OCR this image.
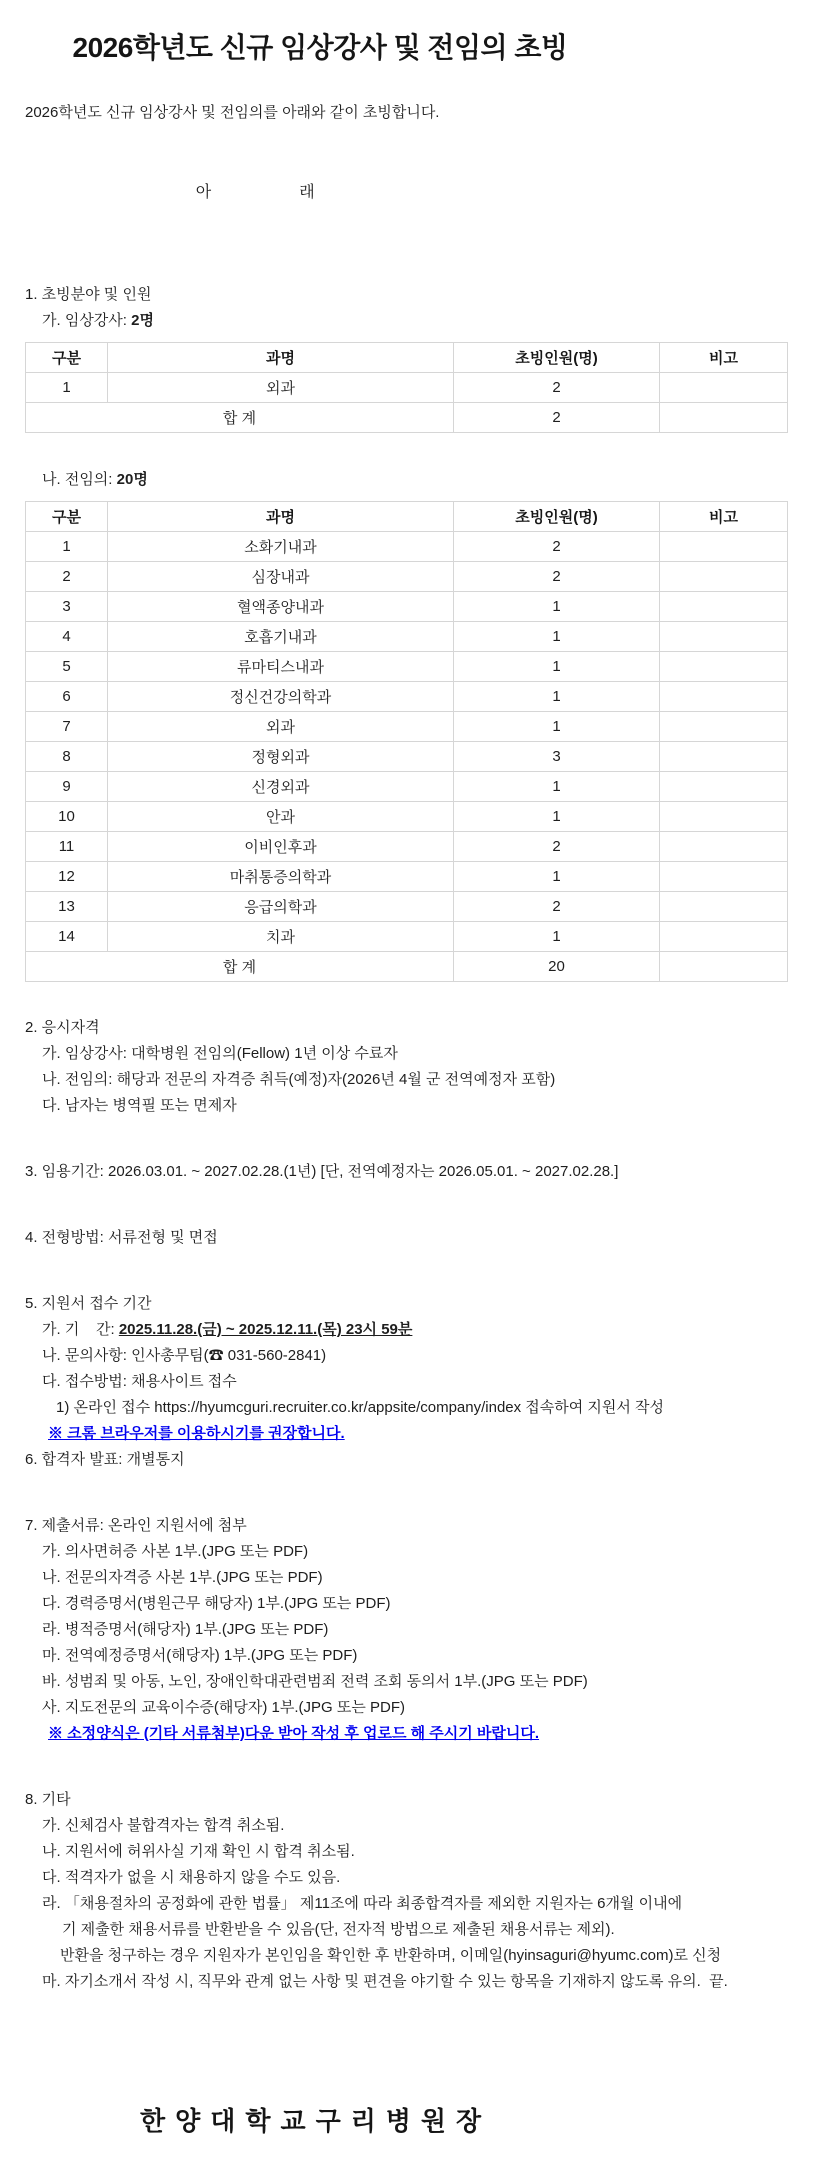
2026학년도 신규 임상강사 및 전임의 초빙

2026학년도 신규 임상강사 및 전임의를 아래와 같이 초빙합니다.

아	래

1. 초빙분야 및 인원
가. 임상강사: 2명
구분	과명	초빙인원(명)	비고
1	외과	2	
합 계		2	
나. 전임의: 20명
구분	과명	초빙인원(명)	비고
1	소화기내과	2	
2	심장내과	2	
3	혈액종양내과	1	
4	호흡기내과	1	
5	류마티스내과	1	
6	정신건강의학과	1	
7	외과	1	
8	정형외과	3	
9	신경외과	1	
10	안과	1	
11	이비인후과	2	
12	마취통증의학과	1	
13	응급의학과	2	
14	치과	1	
합 계		20	
2. 응시자격
가. 임상강사: 대학병원 전임의(Fellow) 1년 이상 수료자
나. 전임의: 해당과 전문의 자격증 취득(예정)자(2026년 4월 군 전역예정자 포함)
다. 남자는 병역필 또는 면제자
3. 임용기간: 2026.03.01. ~ 2027.02.28.(1년) [단, 전역예정자는 2026.05.01. ~ 2027.02.28.]
4. 전형방법: 서류전형 및 면접
5. 지원서 접수 기간
가. 기    간: 2025.11.28.(금) ~ 2025.12.11.(목) 23시 59분
나. 문의사항: 인사총무팀(☎ 031-560-2841)
다. 접수방법: 채용사이트 접수
1) 온라인 접수 https://hyumcguri.recruiter.co.kr/appsite/company/index 접속하여 지원서 작성
※ 크롬 브라우저를 이용하시기를 권장합니다.
6. 합격자 발표: 개별통지
7. 제출서류: 온라인 지원서에 첨부
가. 의사면허증 사본 1부.(JPG 또는 PDF)
나. 전문의자격증 사본 1부.(JPG 또는 PDF)
다. 경력증명서(병원근무 해당자) 1부.(JPG 또는 PDF)
라. 병적증명서(해당자) 1부.(JPG 또는 PDF)
마. 전역예정증명서(해당자) 1부.(JPG 또는 PDF)
바. 성범죄 및 아동, 노인, 장애인학대관련범죄 전력 조회 동의서 1부.(JPG 또는 PDF)
사. 지도전문의 교육이수증(해당자) 1부.(JPG 또는 PDF)
※ 소정양식은 (기타 서류첨부)다운 받아 작성 후 업로드 해 주시기 바랍니다.
8. 기타
가. 신체검사 불합격자는 합격 취소됨.
나. 지원서에 허위사실 기재 확인 시 합격 취소됨.
다. 적격자가 없을 시 채용하지 않을 수도 있음.
라. 「채용절차의 공정화에 관한 법률」 제11조에 따라 최종합격자를 제외한 지원자는 6개월 이내에
기 제출한 채용서류를 반환받을 수 있음(단, 전자적 방법으로 제출된 채용서류는 제외).
반환을 청구하는 경우 지원자가 본인임을 확인한 후 반환하며, 이메일(hyinsaguri@hyumc.com)로 신청
마. 자기소개서 작성 시, 직무와 관계 없는 사항 및 편견을 야기할 수 있는 항목을 기재하지 않도록 유의.  끝.
한양대학교구리병원장
